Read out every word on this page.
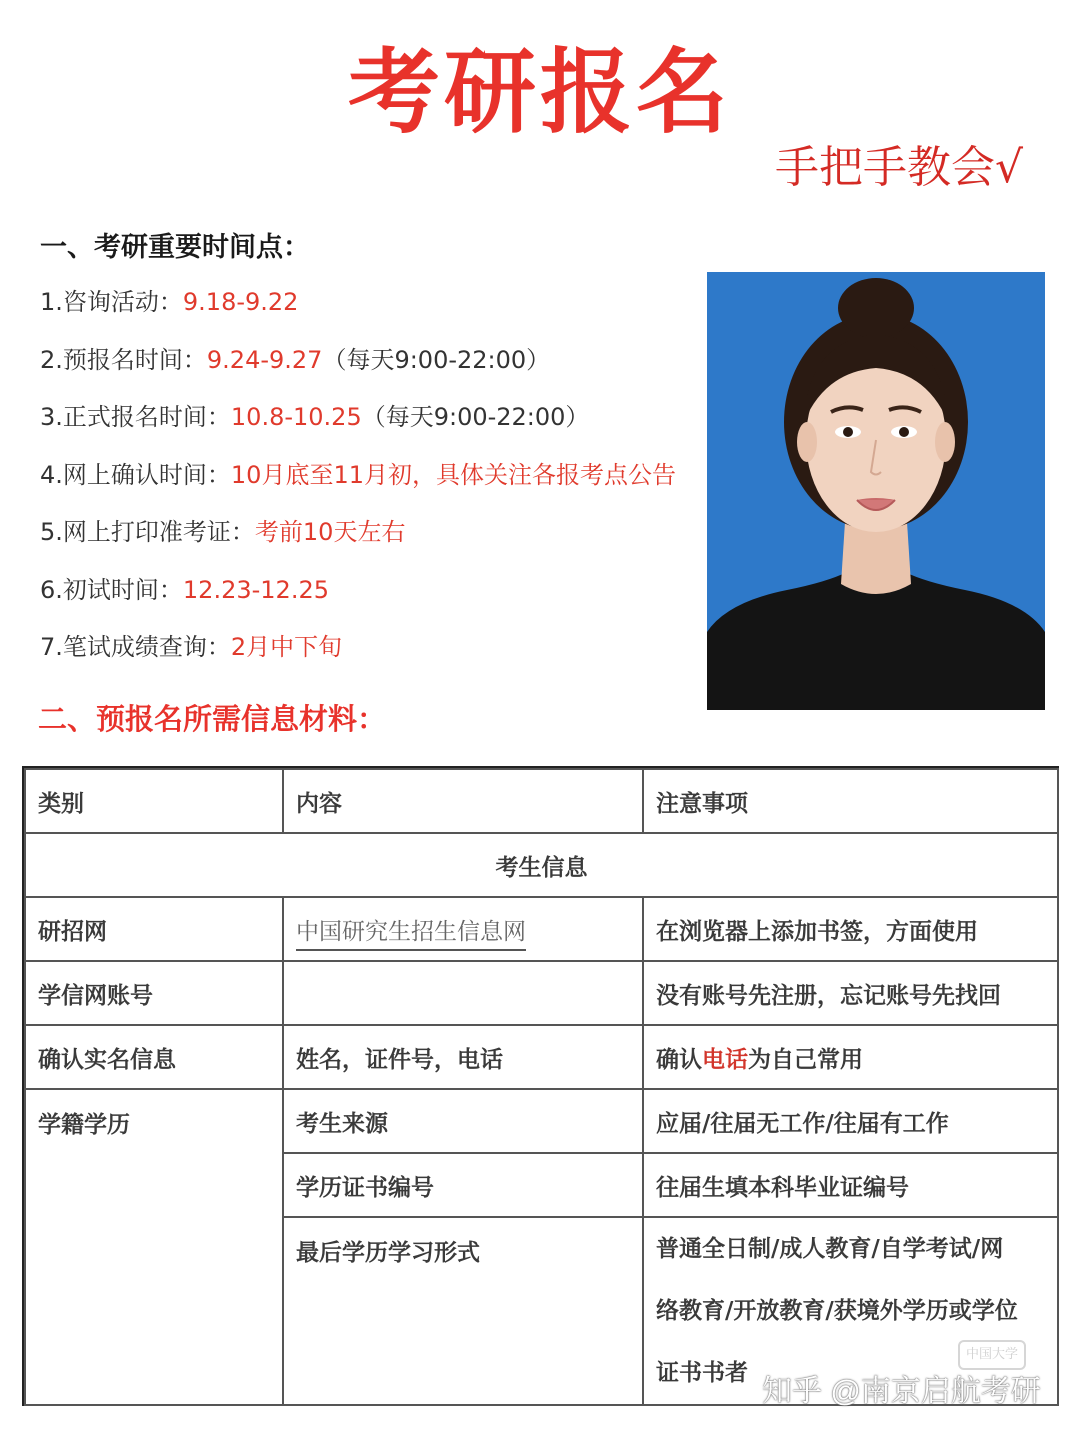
考研报名
手把手教会√
一、考研重要时间点：
1.咨询活动：9.18-9.22
2.预报名时间：9.24-9.27（每天9:00-22:00）
3.正式报名时间：10.8-10.25（每天9:00-22:00）
4.网上确认时间：10月底至11月初，具体关注各报考点公告
5.网上打印准考证：考前10天左右
6.初试时间：12.23-12.25
7.笔试成绩查询：2月中下旬
二、预报名所需信息材料：
类别	内容	注意事项
考生信息		
研招网	中国研究生招生信息网	在浏览器上添加书签，方面使用
学信网账号		没有账号先注册，忘记账号先找回
确认实名信息	姓名，证件号，电话	确认电话为自己常用
学籍学历	考生来源	应届/往届无工作/往届有工作
	学历证书编号	往届生填本科毕业证编号
	最后学历学习形式	普通全日制/成人教育/自学考试/网
络教育/开放教育/获境外学历或学位
证书书者
中国大学
知乎 @南京启航考研
